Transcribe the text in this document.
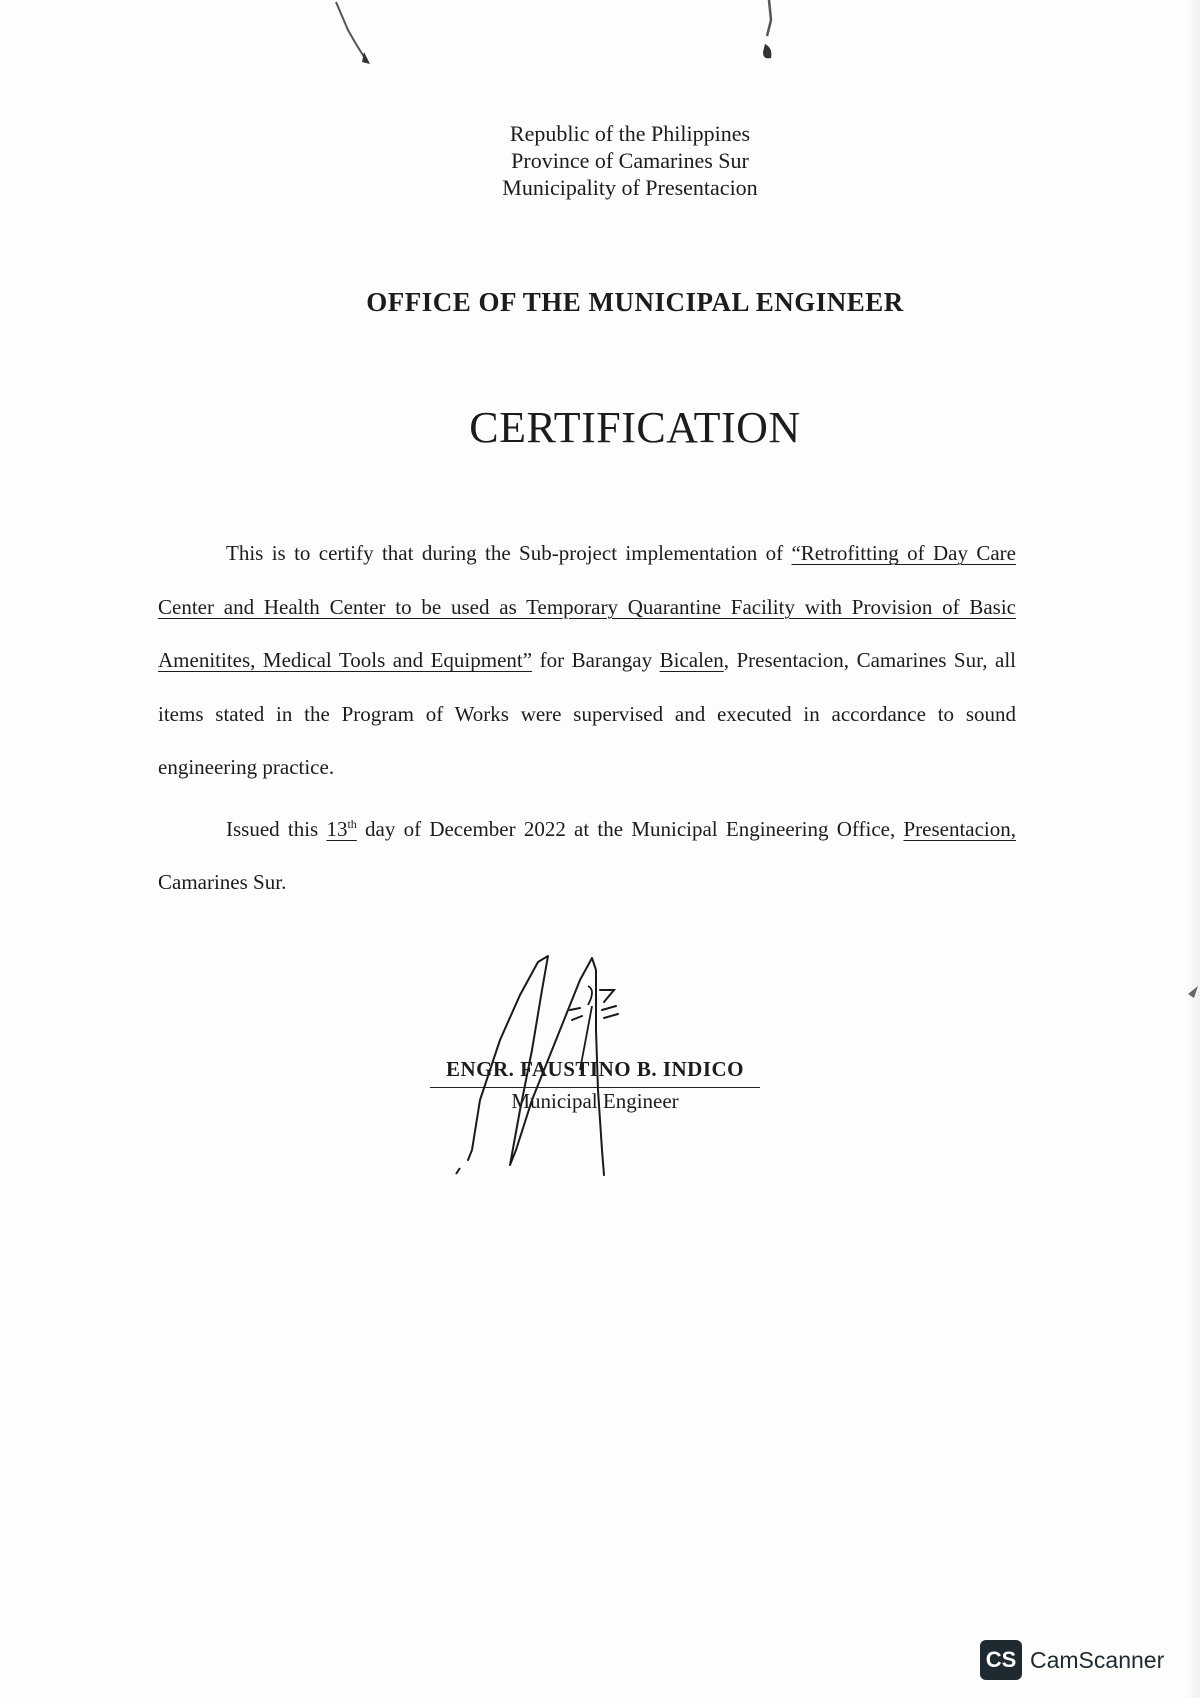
Republic of the Philippines
Province of Camarines Sur
Municipality of Presentacion
OFFICE OF THE MUNICIPAL ENGINEER
CERTIFICATION

This is to certify that during the Sub-project implementation of “Retrofitting of Day Care Center and Health Center to be used as Temporary Quarantine Facility with Provision of Basic Amenitites, Medical Tools and Equipment” for Barangay Bicalen, Presentacion, Camarines Sur, all items stated in the Program of Works were supervised and executed in accordance to sound engineering practice.

Issued this 13th day of December 2022 at the Municipal Engineering Office, Presentacion, Camarines Sur.

ENGR. FAUSTINO B. INDICO
Municipal Engineer
CS CamScanner
